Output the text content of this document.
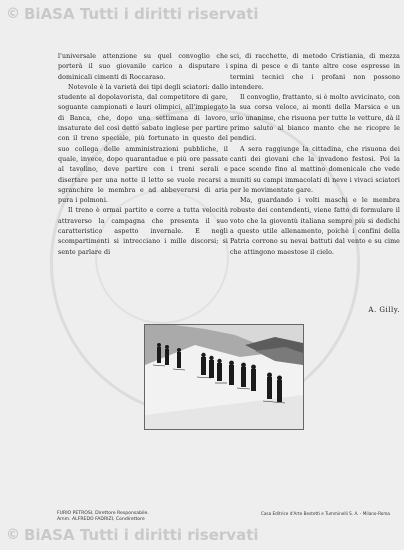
© BiASA Tutti i diritti riservati

l'universale attenzione su quel convoglio che porterà il suo giovanile carico a disputare i dominicali cimenti di Roccaraso.

Notevole è la varietà dei tipi degli sciatori: dallo studente al dopolavorista, dal competitore di gare, soguante campionati e lauri olimpici, all'impiegato di Banca, che, dopo una settimana di lavoro, insaturate del così detto sabato inglese per partire con il treno speciale, più fortunato in questo del suo collega delle amministrazioni pubbliche, il quale, invece, dopo quarantadue e più ore passate al tavolino, deve partire con i treni serali e disertare per una notte il letto se vuole recarsi a sgranchire le membra e ad abbeverarsi di aria pura i polmoni.

Il treno è ormai partito e corre a tutta velocità attraverso la campagna che presenta il suo caratteristico aspetto invernale. E negli scompartimenti si intrecciano i mille discorsi; si sente parlare di

sci, di racchette, di metodo Cristiania, di mezza spina di pesce e di tante altre cose espresse in termini tecnici che i profani non possono intendere.

Il convoglio, frattanto, si è molto avvicinato, con la sua corsa veloce, ai monti della Marsica e un urlo unanime, che risuona per tutte le vetture, dà il primo saluto al bianco manto che ne ricopre le pendici.

A sera raggiunge la cittadina, che risuona dei canti dei giovani che la invadono festosi. Poi la pace scende fino al mattino domenicale che vede muniti su campi immacolati di neve i vivaci sciatori per le movimentate gare.

Ma, guardando i volti maschi e le membra robuste dei contendenti, viene fatto di formulare il voto che la gioventù italiana sempre più si dedichi a questo utile allenamento, poichè i confini della Patria corrono su nevai battuti dal vento e su cime che attingono maestose il cielo.

A. Gilly.
FURIO PETROSI, Direttore Responsabile.
Amm. ALFREDO FADRIZI, Condirettore
Casa Editrice d'Arte Bestetti e Tumminelli S. A. - Milano-Roma
© BiASA Tutti i diritti riservati
